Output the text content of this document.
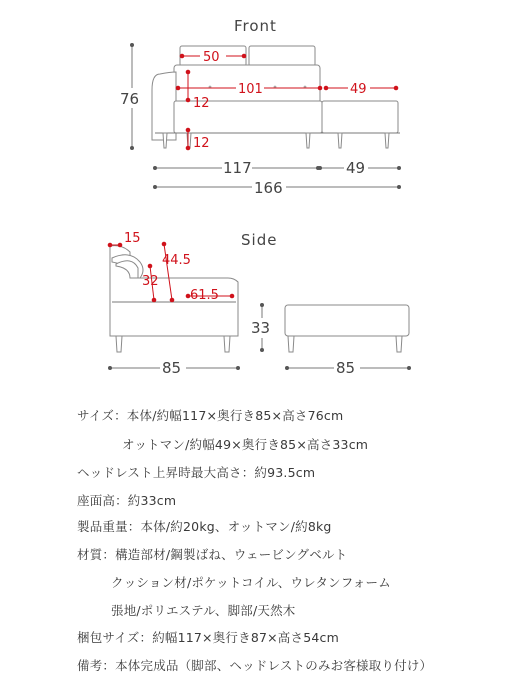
Front
76
50
101	49
12
12
117	49
166
Side
15
44.5
32
61.5
85
33
85
サイズ：本体/約幅117×奥行き85×高さ76cm
オットマン/約幅49×奥行き85×高さ33cm
ヘッドレスト上昇時最大高さ：約93.5cm
座面高：約33cm
製品重量：本体/約20kg、オットマン/約8kg
材質：構造部材/鋼製ばね、ウェービングベルト
クッション材/ポケットコイル、ウレタンフォーム
張地/ポリエステル、脚部/天然木
梱包サイズ：約幅117×奥行き87×高さ54cm
備考：本体完成品（脚部、ヘッドレストのみお客様取り付け）
